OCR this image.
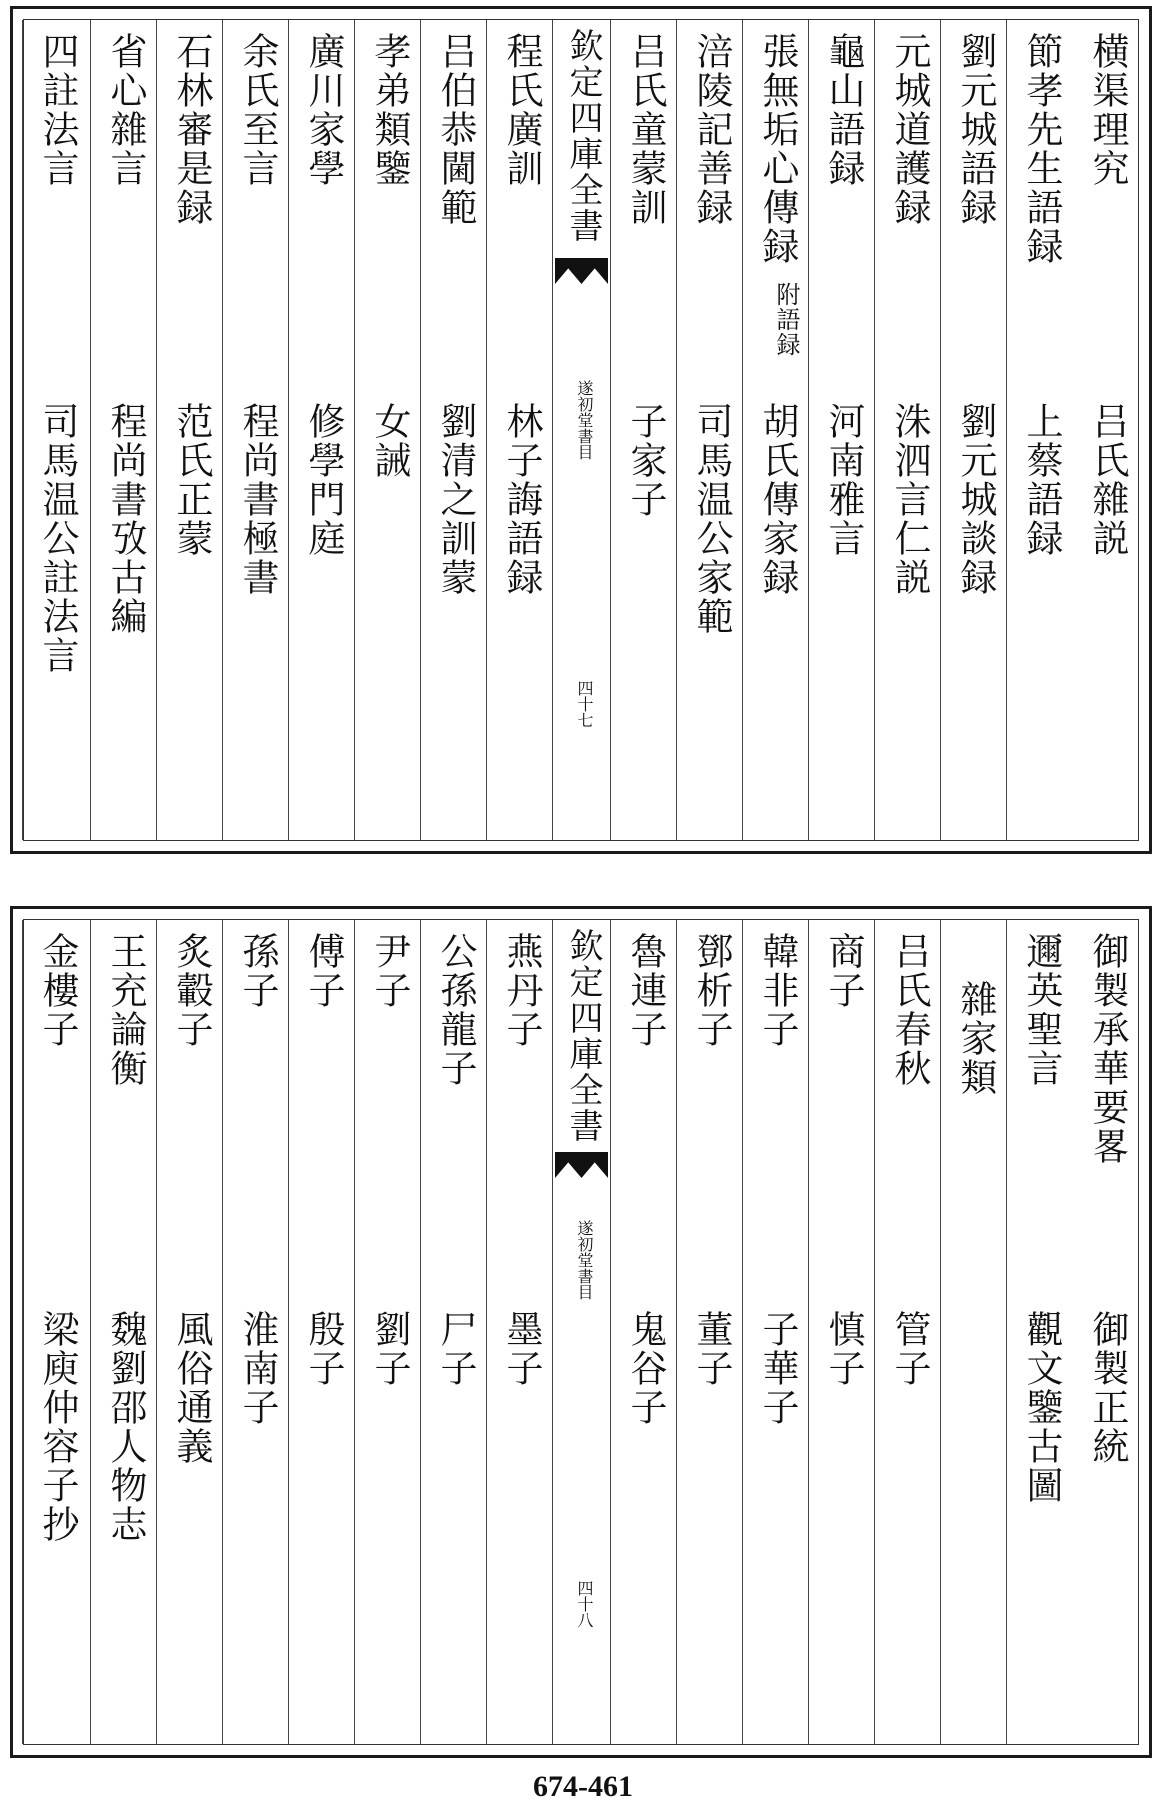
横渠理究
吕氏雜説
節孝先生語録
上蔡語録
劉元城語録
劉元城談録
元城道護録
洙泗言仁説
龜山語録
河南雅言
張無垢心傳録
附語録
胡氏傳家録
涪陵記善録
司馬温公家範
吕氏童蒙訓
子家子
欽定四庫全書
遂初堂書目
四十七
程氏廣訓
林子誨語録
吕伯恭閫範
劉清之訓蒙
孝弟類鑒
女誡
廣川家學
修學門庭
余氏至言
程尚書極書
石林審是録
范氏正蒙
省心雜言
程尚書攷古編
四註法言
司馬温公註法言
御製承華要畧
御製正統
邇英聖言
觀文鑒古圖
雜家類
吕氏春秋
管子
商子
慎子
韓非子
子華子
鄧析子
董子
魯連子
鬼谷子
欽定四庫全書
遂初堂書目
四十八
燕丹子
墨子
公孫龍子
尸子
尹子
劉子
傅子
殷子
孫子
淮南子
炙轂子
風俗通義
王充論衡
魏劉邵人物志
金樓子
梁庾仲容子抄
674-461
